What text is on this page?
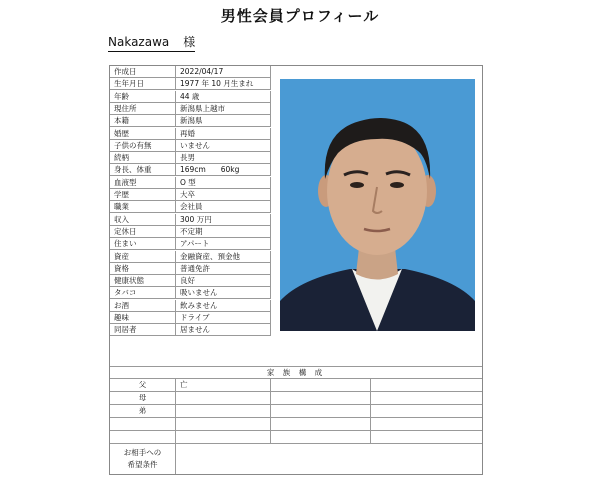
男性会員プロフィール
Nakazawa 様
作成日	2022/04/17
生年月日	1977 年 10 月生まれ
年齢	44 歳
現住所	新潟県上越市
本籍	新潟県
婚歴	再婚
子供の有無	いません
続柄	長男
身長、体重	169cm　　60kg
血液型	O 型
学歴	大卒
職業	会社員
収入	300 万円
定休日	不定期
住まい	アパート
資産	金融資産、預金他
資格	普通免許
健康状態	良好
タバコ	吸いません
お酒	飲みません
趣味	ドライブ
同居者	居ません
家 族 構 成
父	亡
母
弟
お相手への
希望条件
